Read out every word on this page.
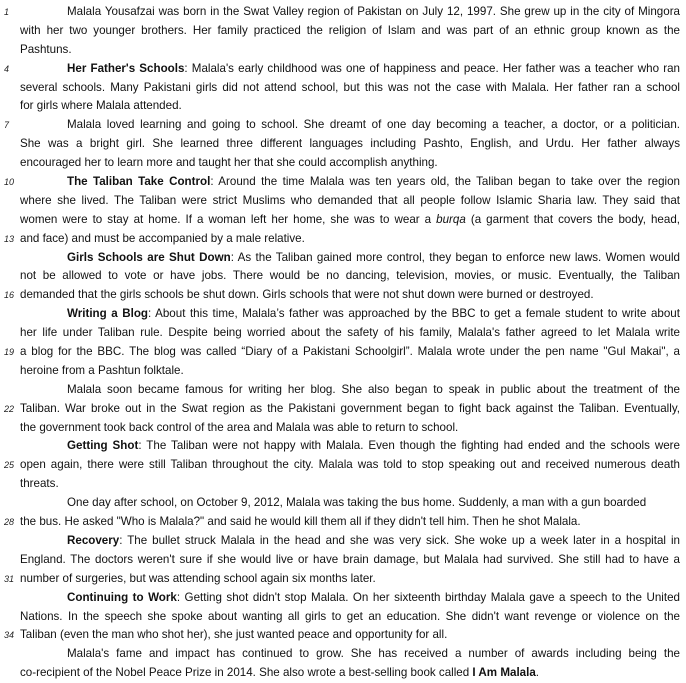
1	Malala Yousafzai was born in the Swat Valley region of Pakistan on July 12, 1997. She grew up in the city of Mingora
with her two younger brothers. Her family practiced the religion of Islam and was part of an ethnic group known as the
Pashtuns.
4	Her Father's Schools: Malala's early childhood was one of happiness and peace. Her father was a teacher who ran
several schools. Many Pakistani girls did not attend school, but this was not the case with Malala. Her father ran a school
for girls where Malala attended.
7	Malala loved learning and going to school. She dreamt of one day becoming a teacher, a doctor, or a politician.
She was a bright girl. She learned three different languages including Pashto, English, and Urdu. Her father always
encouraged her to learn more and taught her that she could accomplish anything.
10	The Taliban Take Control: Around the time Malala was ten years old, the Taliban began to take over the region
where she lived. The Taliban were strict Muslims who demanded that all people follow Islamic Sharia law. They said that
women were to stay at home. If a woman left her home, she was to wear a burqa (a garment that covers the body, head,
13 and face) and must be accompanied by a male relative.
Girls Schools are Shut Down: As the Taliban gained more control, they began to enforce new laws. Women would
not be allowed to vote or have jobs. There would be no dancing, television, movies, or music. Eventually, the Taliban
16 demanded that the girls schools be shut down. Girls schools that were not shut down were burned or destroyed.
Writing a Blog: About this time, Malala’s father was approached by the BBC to get a female student to write about
her life under Taliban rule. Despite being worried about the safety of his family, Malala's father agreed to let Malala write
19 a blog for the BBC. The blog was called “Diary of a Pakistani Schoolgirl”. Malala wrote under the pen name "Gul Makai", a
heroine from a Pashtun folktale.
Malala soon became famous for writing her blog. She also began to speak in public about the treatment of the
22 Taliban. War broke out in the Swat region as the Pakistani government began to fight back against the Taliban. Eventually,
the government took back control of the area and Malala was able to return to school.
Getting Shot: The Taliban were not happy with Malala. Even though the fighting had ended and the schools were
25 open again, there were still Taliban throughout the city. Malala was told to stop speaking out and received numerous death
threats.
One day after school, on October 9, 2012, Malala was taking the bus home. Suddenly, a man with a gun boarded
28 the bus. He asked "Who is Malala?" and said he would kill them all if they didn't tell him. Then he shot Malala.
Recovery: The bullet struck Malala in the head and she was very sick. She woke up a week later in a hospital in
England. The doctors weren't sure if she would live or have brain damage, but Malala had survived. She still had to have a
31 number of surgeries, but was attending school again six months later.
Continuing to Work: Getting shot didn't stop Malala. On her sixteenth birthday Malala gave a speech to the United
Nations. In the speech she spoke about wanting all girls to get an education. She didn't want revenge or violence on the
34 Taliban (even the man who shot her), she just wanted peace and opportunity for all.
Malala's fame and impact has continued to grow. She has received a number of awards including being the
co-recipient of the Nobel Peace Prize in 2014. She also wrote a best-selling book called I Am Malala.
